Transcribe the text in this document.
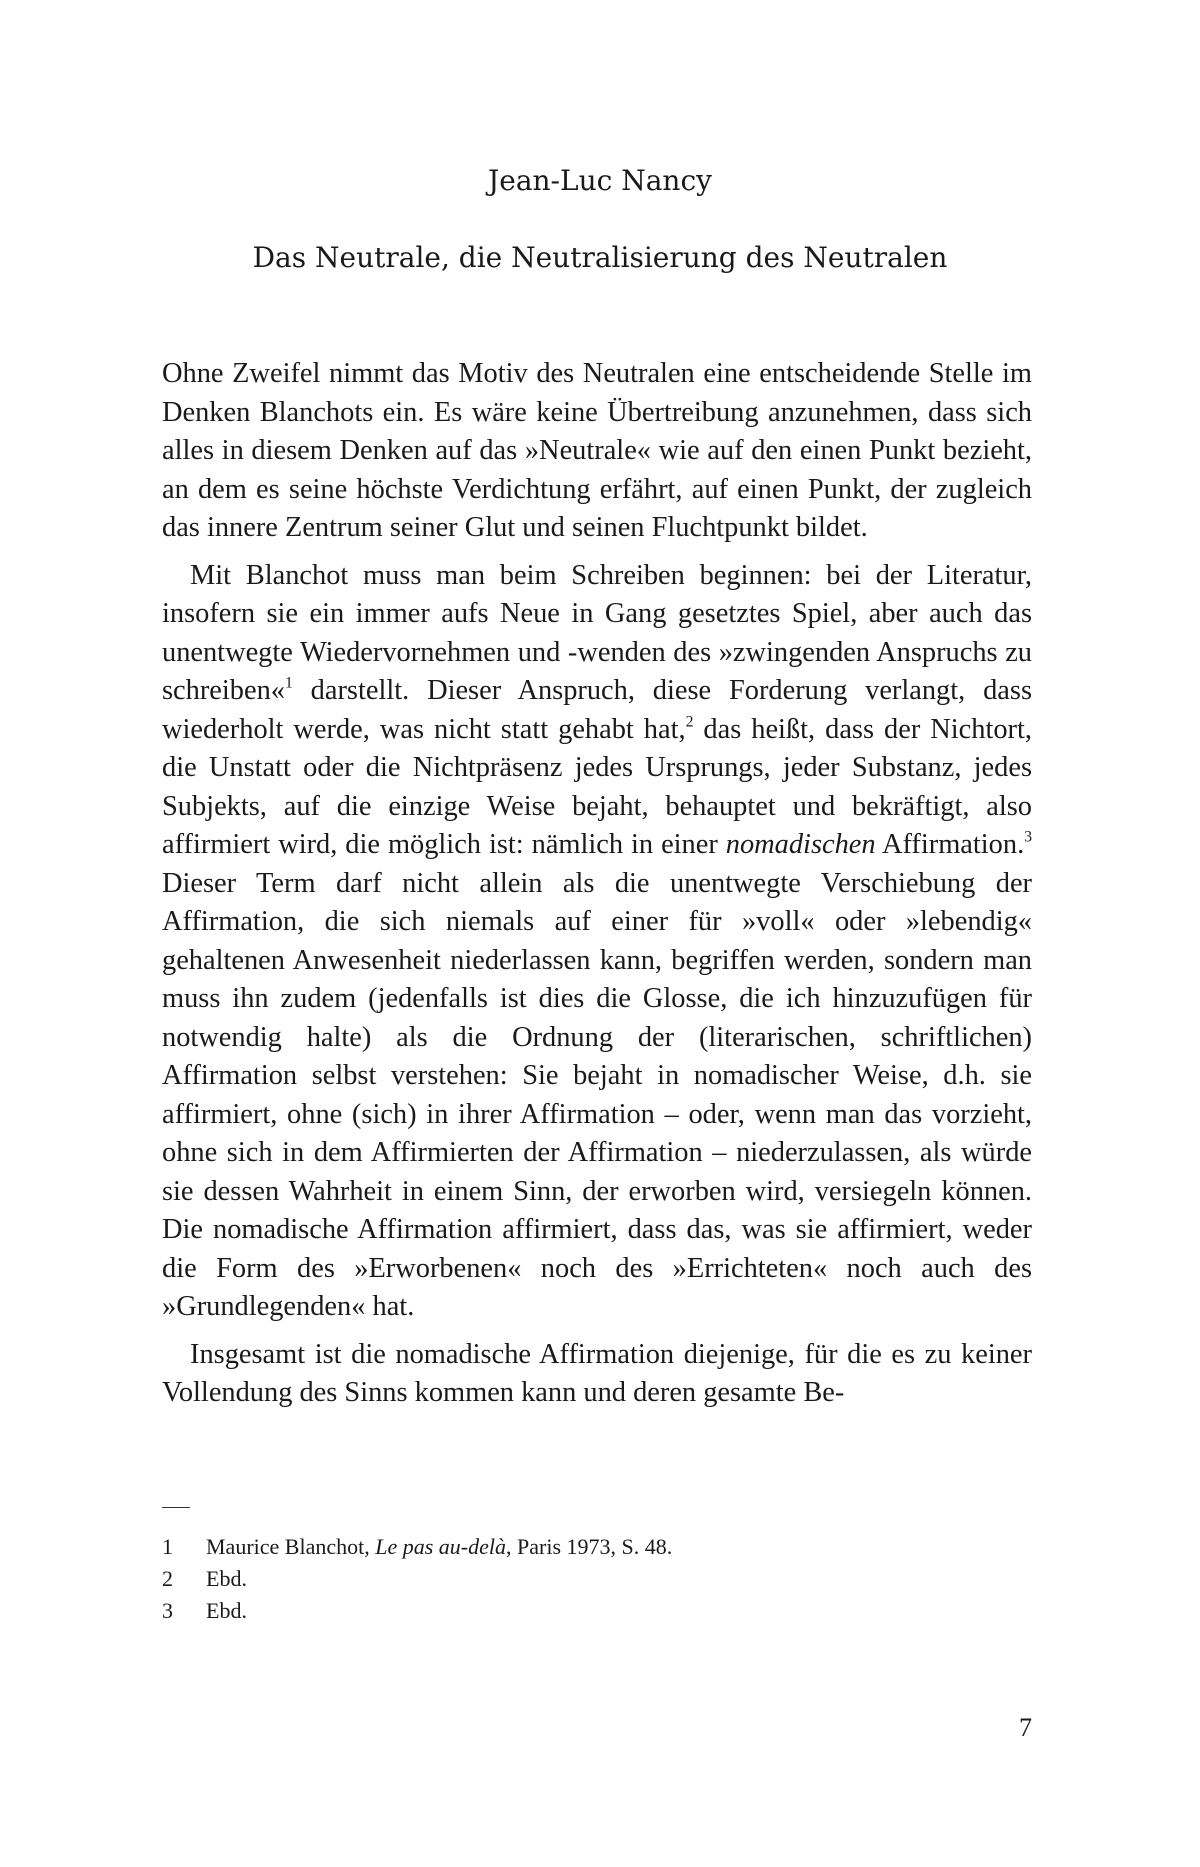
Jean-Luc Nancy
Das Neutrale, die Neutralisierung des Neutralen

Ohne Zweifel nimmt das Motiv des Neutralen eine entscheidende Stelle im Denken Blanchots ein. Es wäre keine Übertreibung anzunehmen, dass sich alles in diesem Denken auf das »Neutrale« wie auf den einen Punkt bezieht, an dem es seine höchste Verdichtung erfährt, auf einen Punkt, der zugleich das innere Zentrum seiner Glut und seinen Fluchtpunkt bildet.

Mit Blanchot muss man beim Schreiben beginnen: bei der Literatur, insofern sie ein immer aufs Neue in Gang gesetztes Spiel, aber auch das unentwegte Wiedervornehmen und -wenden des »zwingenden Anspruchs zu schreiben«$^1$ darstellt. Dieser Anspruch, diese Forderung verlangt, dass wiederholt werde, was nicht statt gehabt hat,$^2$ das heißt, dass der Nichtort, die Unstatt oder die Nichtpräsenz jedes Ursprungs, jeder Substanz, jedes Subjekts, auf die einzige Weise bejaht, behauptet und bekräftigt, also affirmiert wird, die möglich ist: nämlich in einer nomadischen Affirmation.$^3$ Dieser Term darf nicht allein als die unentwegte Verschiebung der Affirmation, die sich niemals auf einer für »voll« oder »lebendig« gehaltenen Anwesenheit niederlassen kann, begriffen werden, sondern man muss ihn zudem (jedenfalls ist dies die Glosse, die ich hinzuzufügen für notwendig halte) als die Ordnung der (literarischen, schriftlichen) Affirmation selbst verstehen: Sie bejaht in nomadischer Weise, d.h. sie affirmiert, ohne (sich) in ihrer Affirmation – oder, wenn man das vorzieht, ohne sich in dem Affirmierten der Affirmation – niederzulassen, als würde sie dessen Wahrheit in einem Sinn, der erworben wird, versiegeln können. Die nomadische Affirmation affirmiert, dass das, was sie affirmiert, weder die Form des »Erworbenen« noch des »Errichteten« noch auch des »Grundlegenden« hat.

Insgesamt ist die nomadische Affirmation diejenige, für die es zu keiner Vollendung des Sinns kommen kann und deren gesamte Be-

1	Maurice Blanchot, Le pas au-delà, Paris 1973, S. 48.
2	Ebd.
3	Ebd.
7
